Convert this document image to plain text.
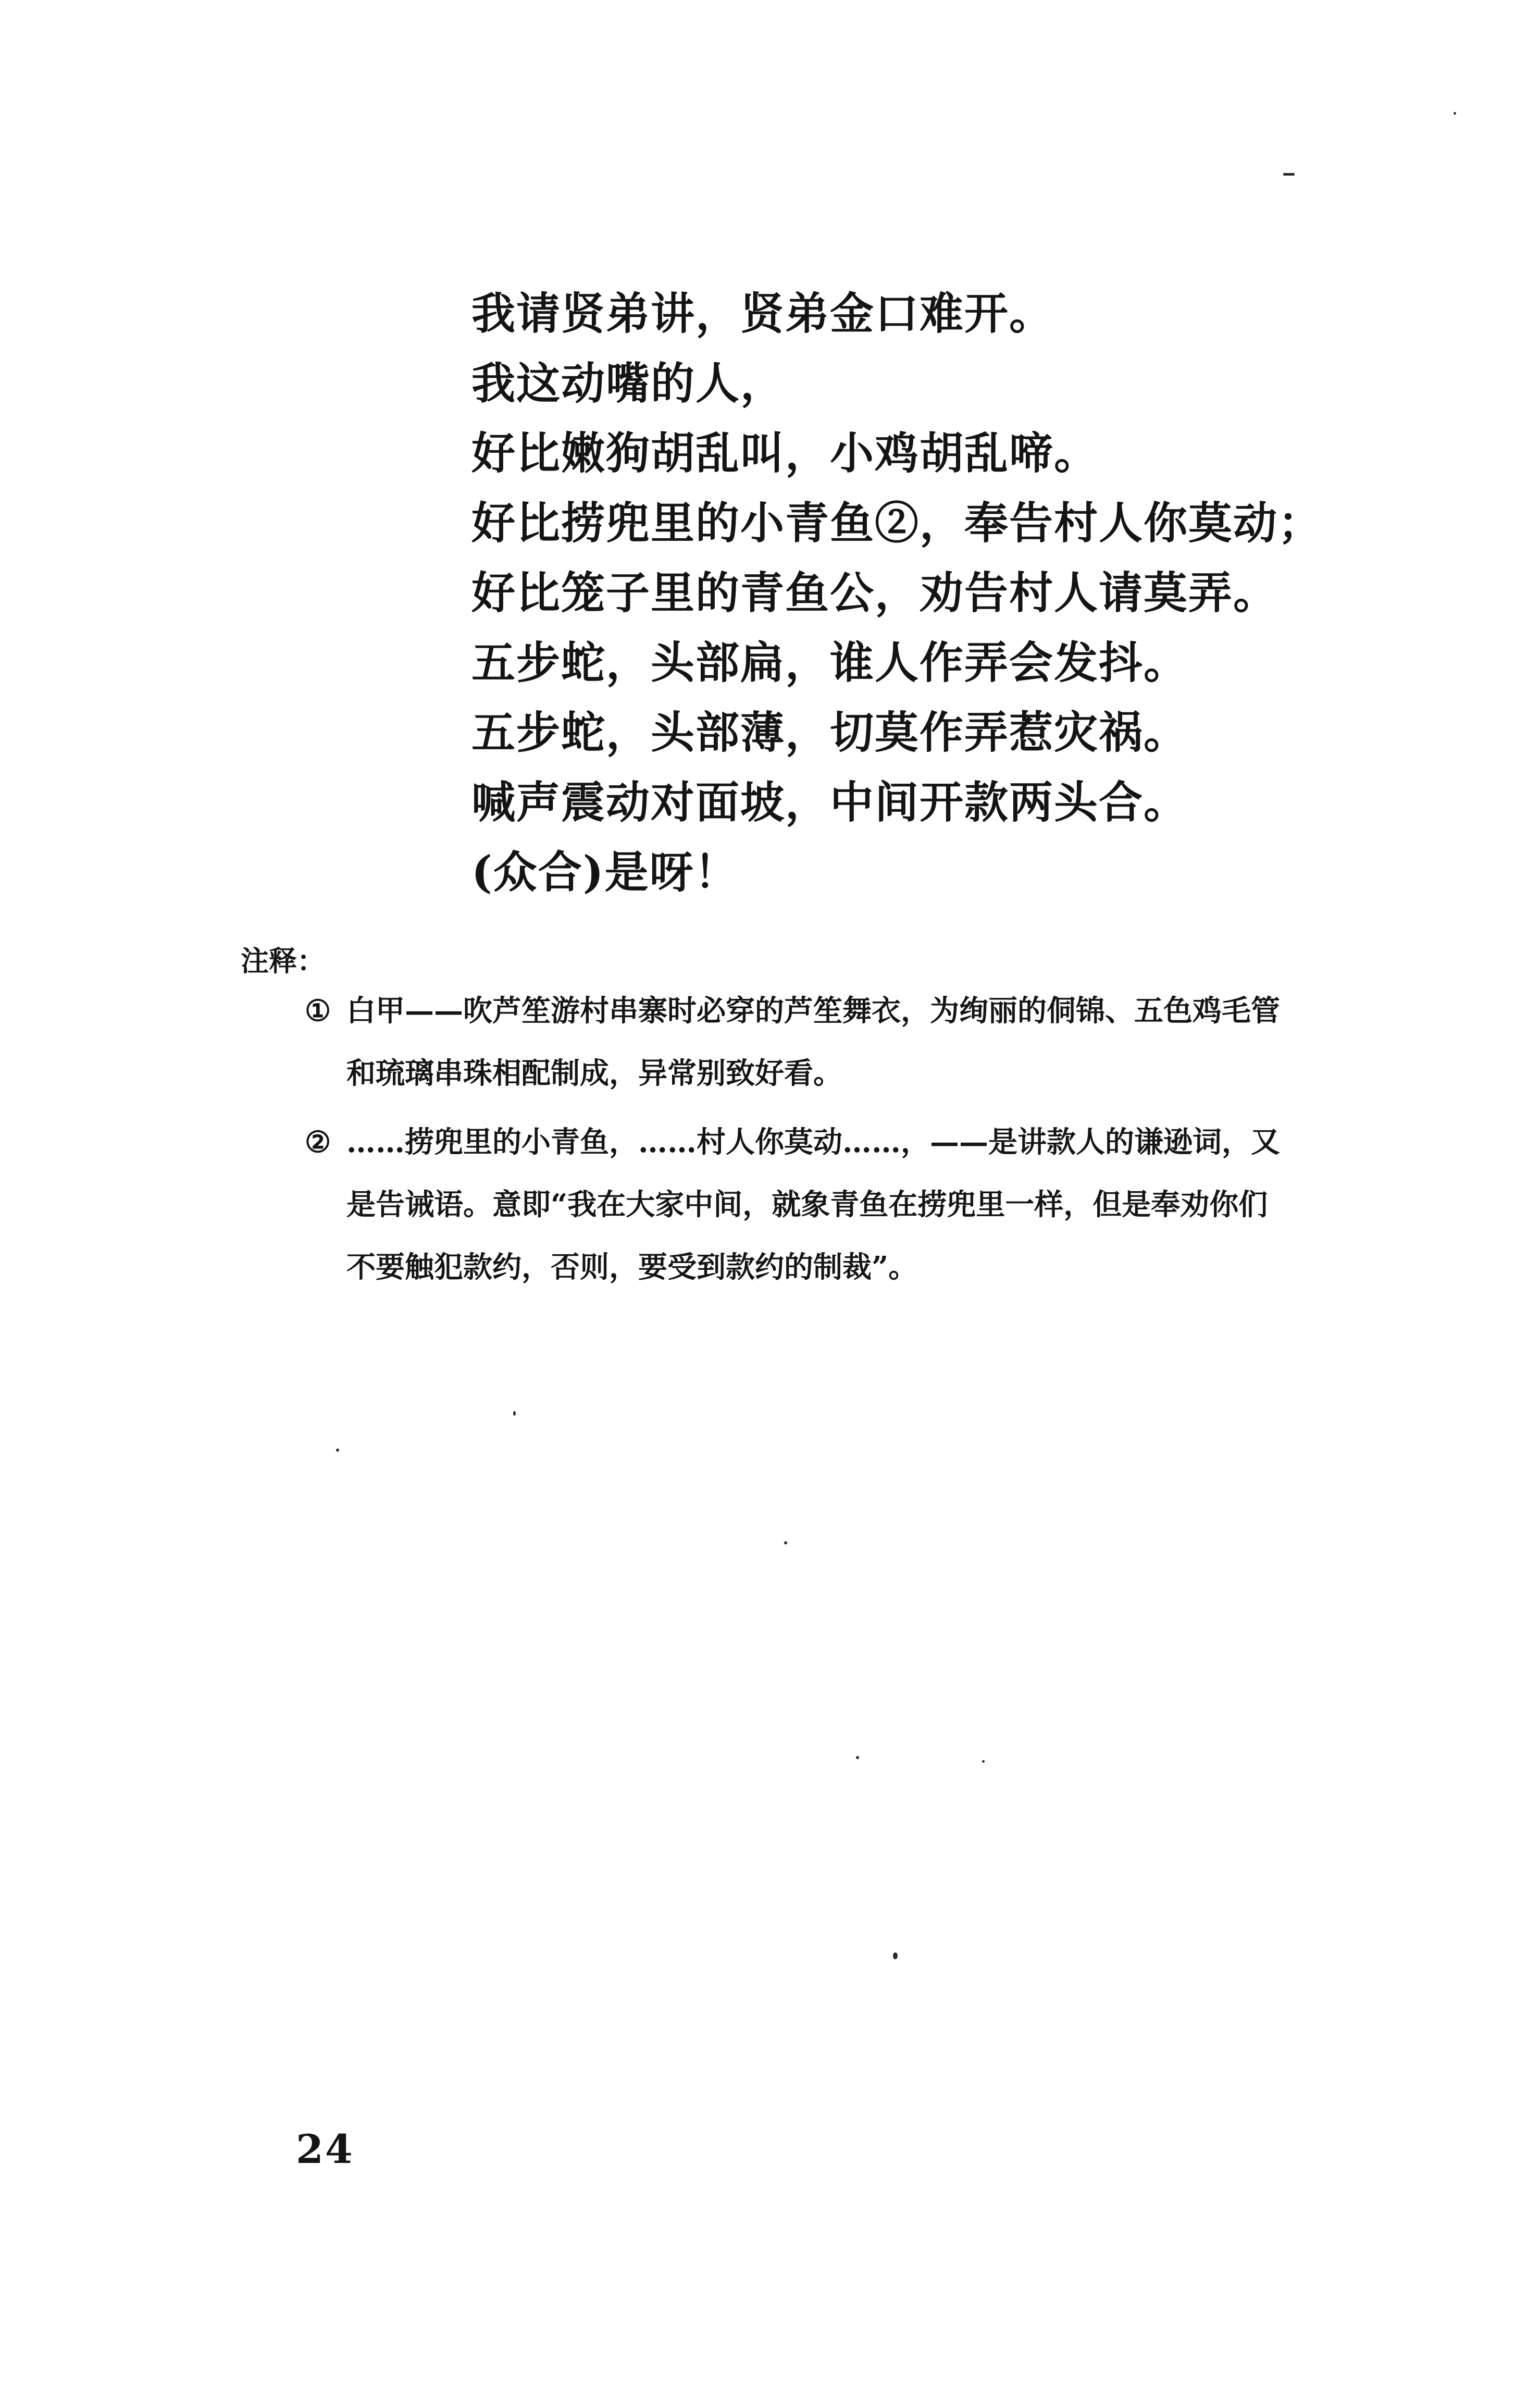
我请贤弟讲，贤弟金口难开。
我这动嘴的人，
好比嫩狗胡乱叫，小鸡胡乱啼。
好比捞兜里的小青鱼②，奉告村人你莫动；
好比笼子里的青鱼公，劝告村人请莫弄。
五步蛇，头部扁，谁人作弄会发抖。
五步蛇，头部薄，切莫作弄惹灾祸。
喊声震动对面坡，中间开款两头合。
(众合)是呀！
注释：
① 白甲——吹芦笙游村串寨时必穿的芦笙舞衣，为绚丽的侗锦、五色鸡毛管
和琉璃串珠相配制成，异常别致好看。
② ……捞兜里的小青鱼，……村人你莫动……，——是讲款人的谦逊词，又
是告诫语。意即“我在大家中间，就象青鱼在捞兜里一样，但是奉劝你们
不要触犯款约，否则，要受到款约的制裁”。
24
